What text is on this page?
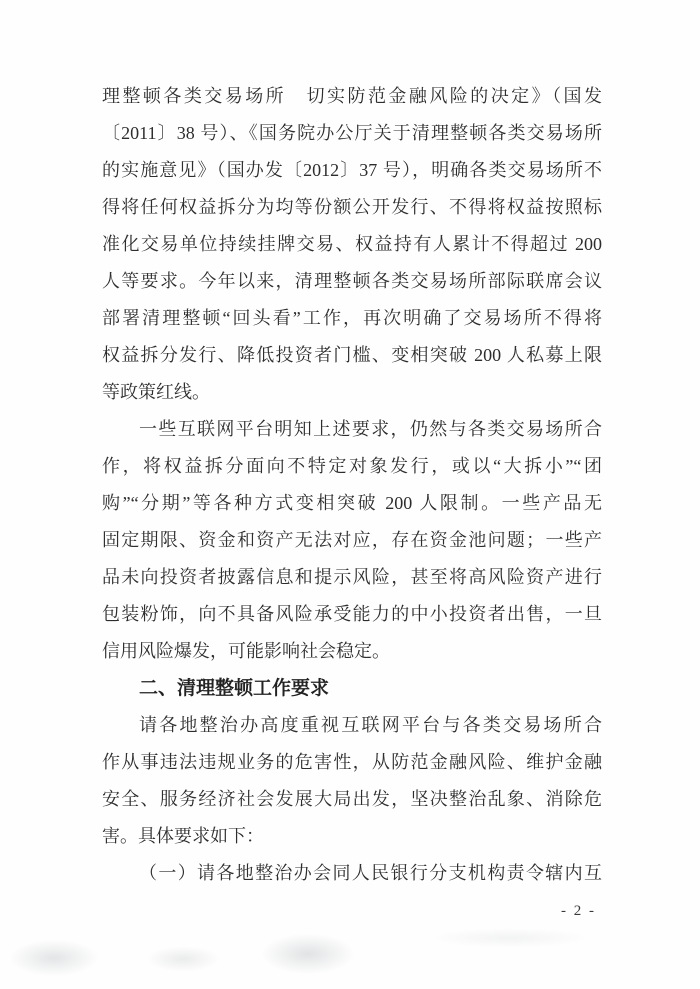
理整顿各类交易场所　切实防范金融风险的决定》（国发
〔2011〕38 号）、《国务院办公厅关于清理整顿各类交易场所
的实施意见》（国办发〔2012〕37 号），明确各类交易场所不
得将任何权益拆分为均等份额公开发行、不得将权益按照标
准化交易单位持续挂牌交易、权益持有人累计不得超过 200
人等要求。今年以来，清理整顿各类交易场所部际联席会议
部署清理整顿“回头看”工作，再次明确了交易场所不得将
权益拆分发行、降低投资者门槛、变相突破 200 人私募上限
等政策红线。
一些互联网平台明知上述要求，仍然与各类交易场所合
作，将权益拆分面向不特定对象发行，或以“大拆小”“团
购”“分期”等各种方式变相突破 200 人限制。一些产品无
固定期限、资金和资产无法对应，存在资金池问题；一些产
品未向投资者披露信息和提示风险，甚至将高风险资产进行
包装粉饰，向不具备风险承受能力的中小投资者出售，一旦
信用风险爆发，可能影响社会稳定。
二、清理整顿工作要求
请各地整治办高度重视互联网平台与各类交易场所合
作从事违法违规业务的危害性，从防范金融风险、维护金融
安全、服务经济社会发展大局出发，坚决整治乱象、消除危
害。具体要求如下：
（一）请各地整治办会同人民银行分支机构责令辖内互
- 2 -
